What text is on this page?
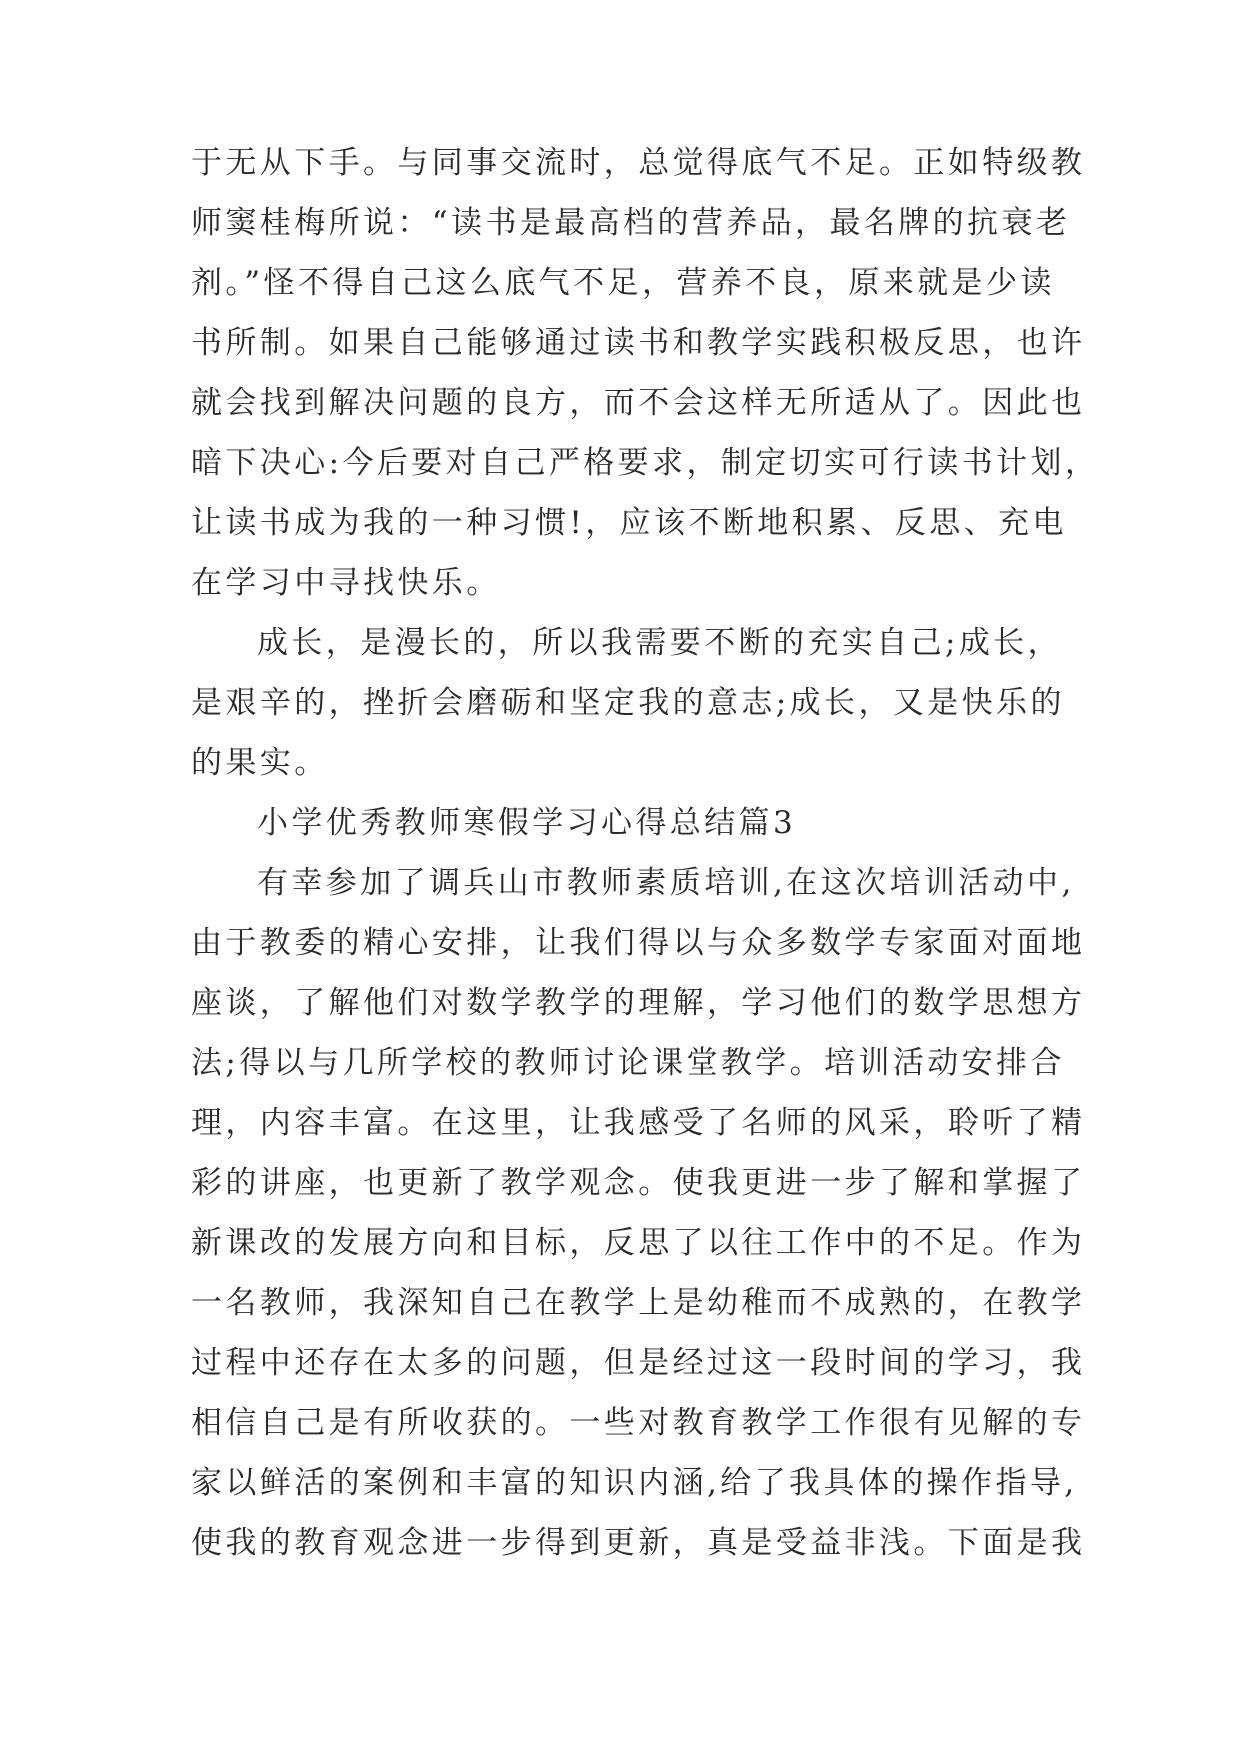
于无从下手。与同事交流时，总觉得底气不足。正如特级教
师窦桂梅所说：“读书是最高档的营养品，最名牌的抗衰老
剂。”怪不得自己这么底气不足，营养不良，原来就是少读
书所制。如果自己能够通过读书和教学实践积极反思，也许
就会找到解决问题的良方，而不会这样无所适从了。因此也
暗下决心:今后要对自己严格要求，制定切实可行读书计划，
让读书成为我的一种习惯!，应该不断地积累、反思、充电
在学习中寻找快乐。
成长，是漫长的，所以我需要不断的充实自己;成长，
是艰辛的，挫折会磨砺和坚定我的意志;成长，又是快乐的
的果实。
小学优秀教师寒假学习心得总结篇3
有幸参加了调兵山市教师素质培训,在这次培训活动中,
由于教委的精心安排，让我们得以与众多数学专家面对面地
座谈，了解他们对数学教学的理解，学习他们的数学思想方
法;得以与几所学校的教师讨论课堂教学。培训活动安排合
理，内容丰富。在这里，让我感受了名师的风采，聆听了精
彩的讲座，也更新了教学观念。使我更进一步了解和掌握了
新课改的发展方向和目标，反思了以往工作中的不足。作为
一名教师，我深知自己在教学上是幼稚而不成熟的，在教学
过程中还存在太多的问题，但是经过这一段时间的学习，我
相信自己是有所收获的。一些对教育教学工作很有见解的专
家以鲜活的案例和丰富的知识内涵,给了我具体的操作指导,
使我的教育观念进一步得到更新，真是受益非浅。下面是我
